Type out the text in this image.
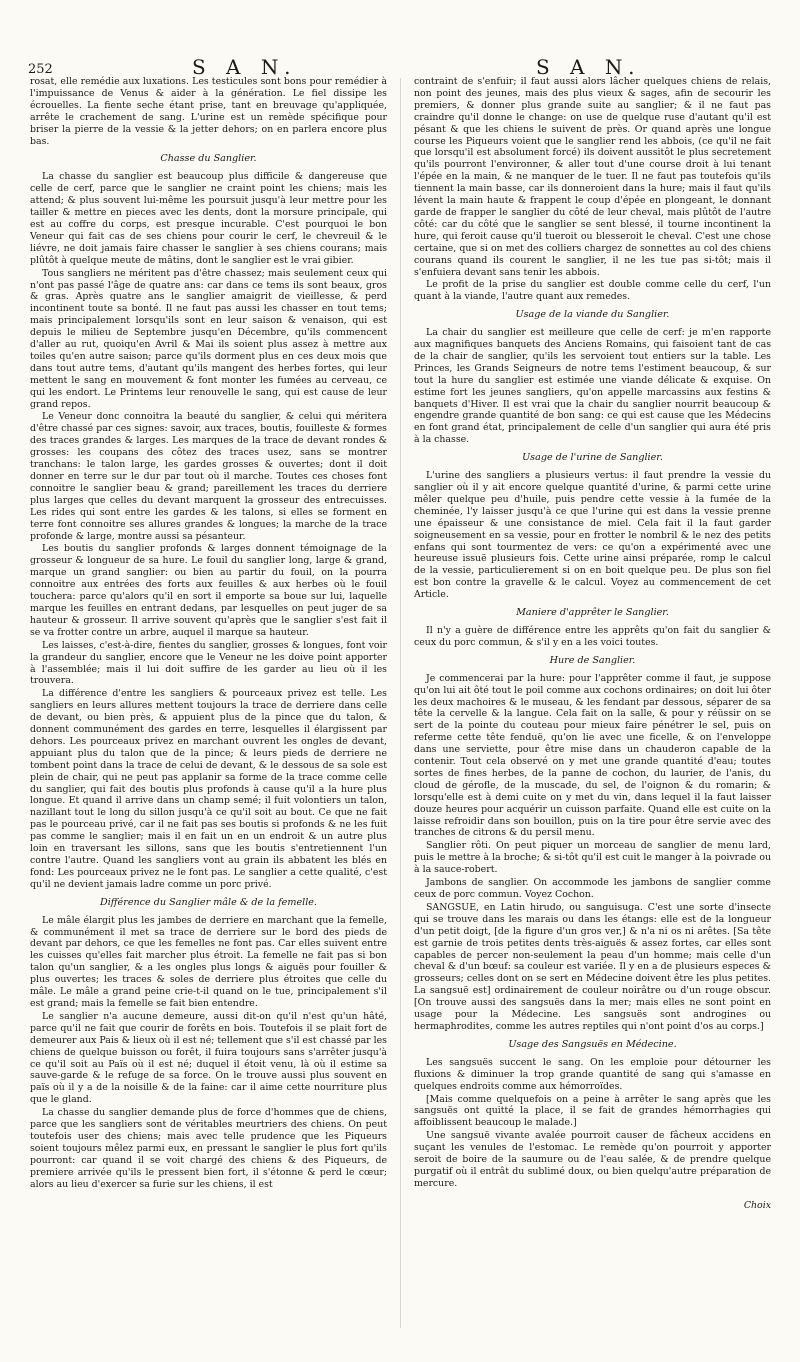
252	S A N.	S A N.

rosat, elle remédie aux luxations. Les testicules sont bons pour remédier à l'impuissance de Venus & aider à la génération. Le fiel dissipe les écrouelles. La fiente seche étant prise, tant en breuvage qu'appliquée, arrête le crachement de sang. L'urine est un remède spécifique pour briser la pierre de la vessie & la jetter dehors; on en parlera encore plus bas.

Chasse du Sanglier.

La chasse du sanglier est beaucoup plus difficile & dangereuse que celle de cerf, parce que le sanglier ne craint point les chiens; mais les attend; & plus souvent lui-même les poursuit jusqu'à leur mettre pour les tailler & mettre en pieces avec les dents, dont la morsure principale, qui est au coffre du corps, est presque incurable. C'est pourquoi le bon Veneur qui fait cas de ses chiens pour courir le cerf, le chevreuil & le liévre, ne doit jamais faire chasser le sanglier à ses chiens courans; mais plûtôt à quelque meute de mâtins, dont le sanglier est le vrai gibier.

Tous sangliers ne méritent pas d'être chassez; mais seulement ceux qui n'ont pas passé l'âge de quatre ans: car dans ce tems ils sont beaux, gros & gras. Après quatre ans le sanglier amaigrit de vieillesse, & perd incontinent toute sa bonté. Il ne faut pas aussi les chasser en tout tems; mais principalement lorsqu'ils sont en leur saison & venaison, qui est depuis le milieu de Septembre jusqu'en Décembre, qu'ils commencent d'aller au rut, quoiqu'en Avril & Mai ils soient plus assez à mettre aux toiles qu'en autre saison; parce qu'ils dorment plus en ces deux mois que dans tout autre tems, d'autant qu'ils mangent des herbes fortes, qui leur mettent le sang en mouvement & font monter les fumées au cerveau, ce qui les endort. Le Printems leur renouvelle le sang, qui est cause de leur grand repos.

Le Veneur donc connoitra la beauté du sanglier, & celui qui méritera d'être chassé par ces signes: savoir, aux traces, boutis, fouilleste & formes des traces grandes & larges. Les marques de la trace de devant rondes & grosses: les coupans des côtez des traces usez, sans se montrer tranchans: le talon large, les gardes grosses & ouvertes; dont il doit donner en terre sur le dur par tout où il marche. Toutes ces choses font connoitre le sanglier beau & grand; pareillement les traces du derriere plus larges que celles du devant marquent la grosseur des entrecuisses. Les rides qui sont entre les gardes & les talons, si elles se forment en terre font connoitre ses allures grandes & longues; la marche de la trace profonde & large, montre aussi sa pésanteur.

Les boutis du sanglier profonds & larges donnent témoignage de la grosseur & longueur de sa hure. Le fouil du sanglier long, large & grand, marque un grand sanglier: ou bien au partir du fouil, on la pourra connoitre aux entrées des forts aux feuilles & aux herbes où le fouil touchera: parce qu'alors qu'il en sort il emporte sa boue sur lui, laquelle marque les feuilles en entrant dedans, par lesquelles on peut juger de sa hauteur & grosseur. Il arrive souvent qu'après que le sanglier s'est fait il se va frotter contre un arbre, auquel il marque sa hauteur.

Les laisses, c'est-à-dire, fientes du sanglier, grosses & longues, font voir la grandeur du sanglier, encore que le Veneur ne les doive point apporter à l'assemblée; mais il lui doit suffire de les garder au lieu où il les trouvera.

La différence d'entre les sangliers & pourceaux privez est telle. Les sangliers en leurs allures mettent toujours la trace de derriere dans celle de devant, ou bien près, & appuient plus de la pince que du talon, & donnent communément des gardes en terre, lesquelles il élargissent par dehors. Les pourceaux privez en marchant ouvrent les ongles de devant, appuiant plus du talon que de la pince; & leurs pieds de derriere ne tombent point dans la trace de celui de devant, & le dessous de sa sole est plein de chair, qui ne peut pas applanir sa forme de la trace comme celle du sanglier, qui fait des boutis plus profonds à cause qu'il a la hure plus longue. Et quand il arrive dans un champ semé; il fuit volontiers un talon, nazillant tout le long du sillon jusqu'à ce qu'il soit au bout. Ce que ne fait pas le pourceau privé, car il ne fait pas ses boutis si profonds & ne les fuit pas comme le sanglier; mais il en fait un en un endroit & un autre plus loin en traversant les sillons, sans que les boutis s'entretiennent l'un contre l'autre. Quand les sangliers vont au grain ils abbatent les blés en fond: Les pourceaux privez ne le font pas. Le sanglier a cette qualité, c'est qu'il ne devient jamais ladre comme un porc privé.

Différence du Sanglier mâle & de la femelle.

Le mâle élargit plus les jambes de derriere en marchant que la femelle, & communément il met sa trace de derriere sur le bord des pieds de devant par dehors, ce que les femelles ne font pas. Car elles suivent entre les cuisses qu'elles fait marcher plus étroit. La femelle ne fait pas si bon talon qu'un sanglier, & a les ongles plus longs & aiguës pour fouiller & plus ouvertes; les traces & soles de derriere plus étroites que celle du mâle. Le mâle a grand peine crie-t-il quand on le tue, principalement s'il est grand; mais la femelle se fait bien entendre.

Le sanglier n'a aucune demeure, aussi dit-on qu'il n'est qu'un hâté, parce qu'il ne fait que courir de forêts en bois. Toutefois il se plait fort de demeurer aux Pais & lieux où il est né; tellement que s'il est chassé par les chiens de quelque buisson ou forêt, il fuira toujours sans s'arrêter jusqu'à ce qu'il soit au Païs où il est né; duquel il étoit venu, là où il estime sa sauve-garde & le refuge de sa force. On le trouve aussi plus souvent en païs où il y a de la noisille & de la faine: car il aime cette nourriture plus que le gland.

La chasse du sanglier demande plus de force d'hommes que de chiens, parce que les sangliers sont de véritables meurtriers des chiens. On peut toutefois user des chiens; mais avec telle prudence que les Piqueurs soient toujours mêlez parmi eux, en pressant le sanglier le plus fort qu'ils pourront: car quand il se voit chargé des chiens & des Piqueurs, de premiere arrivée qu'ils le pressent bien fort, il s'étonne & perd le cœur; alors au lieu d'exercer sa furie sur les chiens, il est

contraint de s'enfuir; il faut aussi alors lâcher quelques chiens de relais, non point des jeunes, mais des plus vieux & sages, afin de secourir les premiers, & donner plus grande suite au sanglier; & il ne faut pas craindre qu'il donne le change: on use de quelque ruse d'autant qu'il est pésant & que les chiens le suivent de près. Or quand après une longue course les Piqueurs voient que le sanglier rend les abbois, (ce qu'il ne fait que lorsqu'il est absolument forcé) ils doivent aussitôt le plus secretement qu'ils pourront l'environner, & aller tout d'une course droit à lui tenant l'épée en la main, & ne manquer de le tuer. Il ne faut pas toutefois qu'ils tiennent la main basse, car ils donneroient dans la hure; mais il faut qu'ils lévent la main haute & frappent le coup d'épée en plongeant, le donnant garde de frapper le sanglier du côté de leur cheval, mais plûtôt de l'autre côté: car du côté que le sanglier se sent blessé, il tourne incontinent la hure, qui feroit cause qu'il tueroit ou blesseroit le cheval. C'est une chose certaine, que si on met des colliers chargez de sonnettes au col des chiens courans quand ils courent le sanglier, il ne les tue pas si-tôt; mais il s'enfuiera devant sans tenir les abbois.

Le profit de la prise du sanglier est double comme celle du cerf, l'un quant à la viande, l'autre quant aux remedes.

Usage de la viande du Sanglier.

La chair du sanglier est meilleure que celle de cerf: je m'en rapporte aux magnifiques banquets des Anciens Romains, qui faisoient tant de cas de la chair de sanglier, qu'ils les servoient tout entiers sur la table. Les Princes, les Grands Seigneurs de notre tems l'estiment beaucoup, & sur tout la hure du sanglier est estimée une viande délicate & exquise. On estime fort les jeunes sangliers, qu'on appelle marcassins aux festins & banquets d'Hiver. Il est vrai que la chair du sanglier nourrit beaucoup & engendre grande quantité de bon sang: ce qui est cause que les Médecins en font grand état, principalement de celle d'un sanglier qui aura été pris à la chasse.

Usage de l'urine de Sanglier.

L'urine des sangliers a plusieurs vertus: il faut prendre la vessie du sanglier où il y ait encore quelque quantité d'urine, & parmi cette urine mêler quelque peu d'huile, puis pendre cette vessie à la fumée de la cheminée, l'y laisser jusqu'à ce que l'urine qui est dans la vessie prenne une épaisseur & une consistance de miel. Cela fait il la faut garder soigneusement en sa vessie, pour en frotter le nombril & le nez des petits enfans qui sont tourmentez de vers: ce qu'on a expérimenté avec une heureuse issuë plusieurs fois. Cette urine ainsi préparée, romp le calcul de la vessie, particulierement si on en boit quelque peu. De plus son fiel est bon contre la gravelle & le calcul. Voyez au commencement de cet Article.

Maniere d'apprêter le Sanglier.

Il n'y a guère de différence entre les apprêts qu'on fait du sanglier & ceux du porc commun, & s'il y en a les voici toutes.

Hure de Sanglier.

Je commencerai par la hure: pour l'apprêter comme il faut, je suppose qu'on lui ait ôté tout le poil comme aux cochons ordinaires; on doit lui ôter les deux machoires & le museau, & les fendant par dessous, séparer de sa tête la cervelle & la langue. Cela fait on la salle, & pour y réüssir on se sert de la pointe du couteau pour mieux faire pénétrer le sel, puis on referme cette tête fenduë, qu'on lie avec une ficelle, & on l'enveloppe dans une serviette, pour être mise dans un chauderon capable de la contenir. Tout cela observé on y met une grande quantité d'eau; toutes sortes de fines herbes, de la panne de cochon, du laurier, de l'anis, du cloud de gérofle, de la muscade, du sel, de l'oignon & du romarin; & lorsqu'elle est à demi cuite on y met du vin, dans lequel il la faut laisser douze heures pour acquérir un cuisson parfaite. Quand elle est cuite on la laisse refroidir dans son bouillon, puis on la tire pour être servie avec des tranches de citrons & du persil menu.

Sanglier rôti. On peut piquer un morceau de sanglier de menu lard, puis le mettre à la broche; & si-tôt qu'il est cuit le manger à la poivrade ou à la sauce-robert.

Jambons de sanglier. On accommode les jambons de sanglier comme ceux de porc commun. Voyez Cochon.

SANGSUE, en Latin hirudo, ou sanguisuga. C'est une sorte d'insecte qui se trouve dans les marais ou dans les étangs: elle est de la longueur d'un petit doigt, [de la figure d'un gros ver,] & n'a ni os ni arêtes. [Sa tête est garnie de trois petites dents très-aiguës & assez fortes, car elles sont capables de percer non-seulement la peau d'un homme; mais celle d'un cheval & d'un bœuf: sa couleur est variée. Il y en a de plusieurs especes & grosseurs; celles dont on se sert en Médecine doivent être les plus petites. La sangsuë est] ordinairement de couleur noirâtre ou d'un rouge obscur. [On trouve aussi des sangsuës dans la mer; mais elles ne sont point en usage pour la Médecine. Les sangsuës sont androgines ou hermaphrodites, comme les autres reptiles qui n'ont point d'os au corps.]

Usage des Sangsuës en Médecine.

Les sangsuës succent le sang. On les emploie pour détourner les fluxions & diminuer la trop grande quantité de sang qui s'amasse en quelques endroits comme aux hémorroïdes.

[Mais comme quelquefois on a peine à arrêter le sang après que les sangsuës ont quitté la place, il se fait de grandes hémorrhagies qui affoiblissent beaucoup le malade.]

Une sangsuë vivante avalée pourroit causer de fâcheux accidens en suçant les venules de l'estomac. Le remède qu'on pourroit y apporter seroit de boire de la saumure ou de l'eau salée, & de prendre quelque purgatif où il entrât du sublimé doux, ou bien quelqu'autre préparation de mercure.

Choix
